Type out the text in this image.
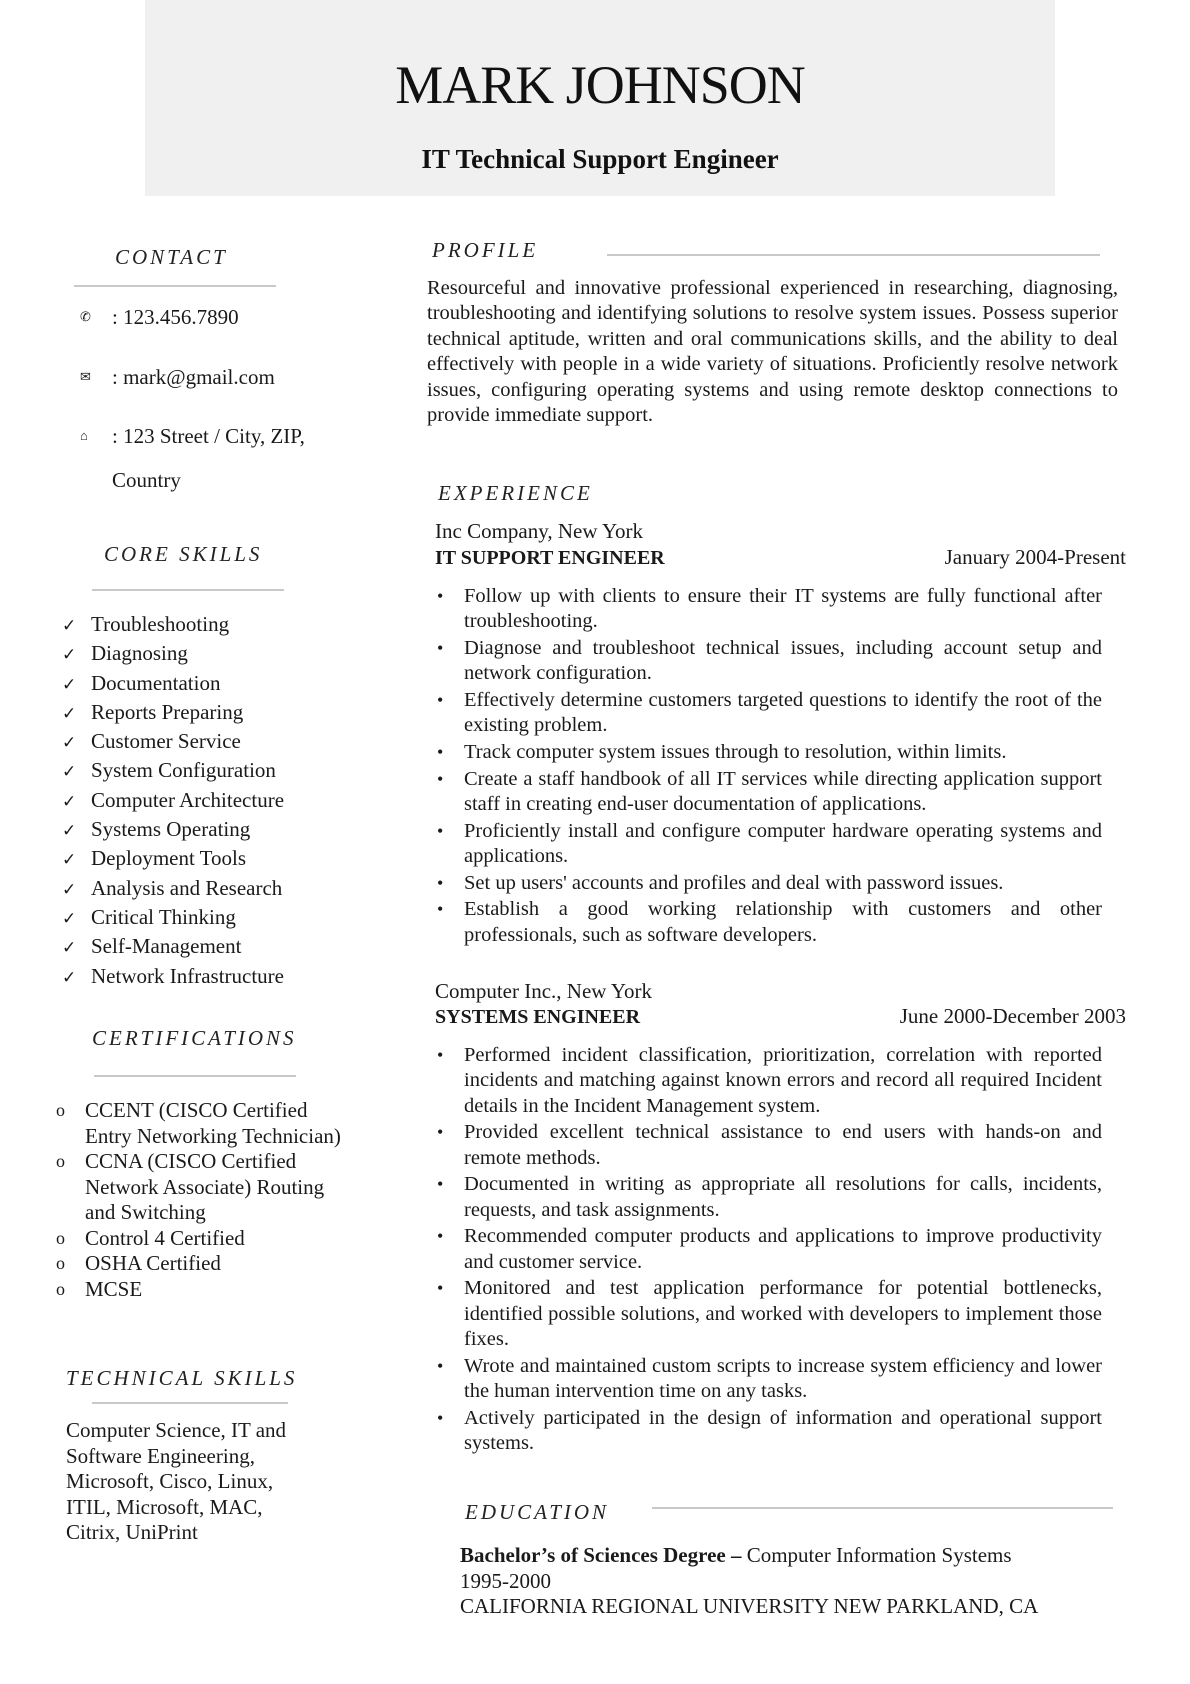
MARK JOHNSON
IT Technical Support Engineer
CONTACT
✆ : 123.456.7890
✉ : mark@gmail.com
⌂ : 123 Street / City, ZIP,
Country
CORE SKILLS
✓ Troubleshooting
✓ Diagnosing
✓ Documentation
✓ Reports Preparing
✓ Customer Service
✓ System Configuration
✓ Computer Architecture
✓ Systems Operating
✓ Deployment Tools
✓ Analysis and Research
✓ Critical Thinking
✓ Self-Management
✓ Network Infrastructure
CERTIFICATIONS
o CCENT (CISCO Certified Entry Networking Technician)
o CCNA (CISCO Certified Network Associate) Routing and Switching
o Control 4 Certified
o OSHA Certified
o MCSE
TECHNICAL SKILLS
Computer Science, IT and Software Engineering, Microsoft, Cisco, Linux, ITIL, Microsoft, MAC, Citrix, UniPrint
PROFILE
Resourceful and innovative professional experienced in researching, diagnosing, troubleshooting and identifying solutions to resolve system issues. Possess superior technical aptitude, written and oral communications skills, and the ability to deal effectively with people in a wide variety of situations. Proficiently resolve network issues, configuring operating systems and using remote desktop connections to provide immediate support.
EXPERIENCE
Inc Company, New York
IT SUPPORT ENGINEER	January 2004-Present
• Follow up with clients to ensure their IT systems are fully functional after troubleshooting.
• Diagnose and troubleshoot technical issues, including account setup and network configuration.
• Effectively determine customers targeted questions to identify the root of the existing problem.
• Track computer system issues through to resolution, within limits.
• Create a staff handbook of all IT services while directing application support staff in creating end-user documentation of applications.
• Proficiently install and configure computer hardware operating systems and applications.
• Set up users' accounts and profiles and deal with password issues.
• Establish a good working relationship with customers and other professionals, such as software developers.
Computer Inc., New York
SYSTEMS ENGINEER	June 2000-December 2003
• Performed incident classification, prioritization, correlation with reported incidents and matching against known errors and record all required Incident details in the Incident Management system.
• Provided excellent technical assistance to end users with hands-on and remote methods.
• Documented in writing as appropriate all resolutions for calls, incidents, requests, and task assignments.
• Recommended computer products and applications to improve productivity and customer service.
• Monitored and test application performance for potential bottlenecks, identified possible solutions, and worked with developers to implement those fixes.
• Wrote and maintained custom scripts to increase system efficiency and lower the human intervention time on any tasks.
• Actively participated in the design of information and operational support systems.
EDUCATION
Bachelor’s of Sciences Degree – Computer Information Systems
1995-2000
CALIFORNIA REGIONAL UNIVERSITY NEW PARKLAND, CA
